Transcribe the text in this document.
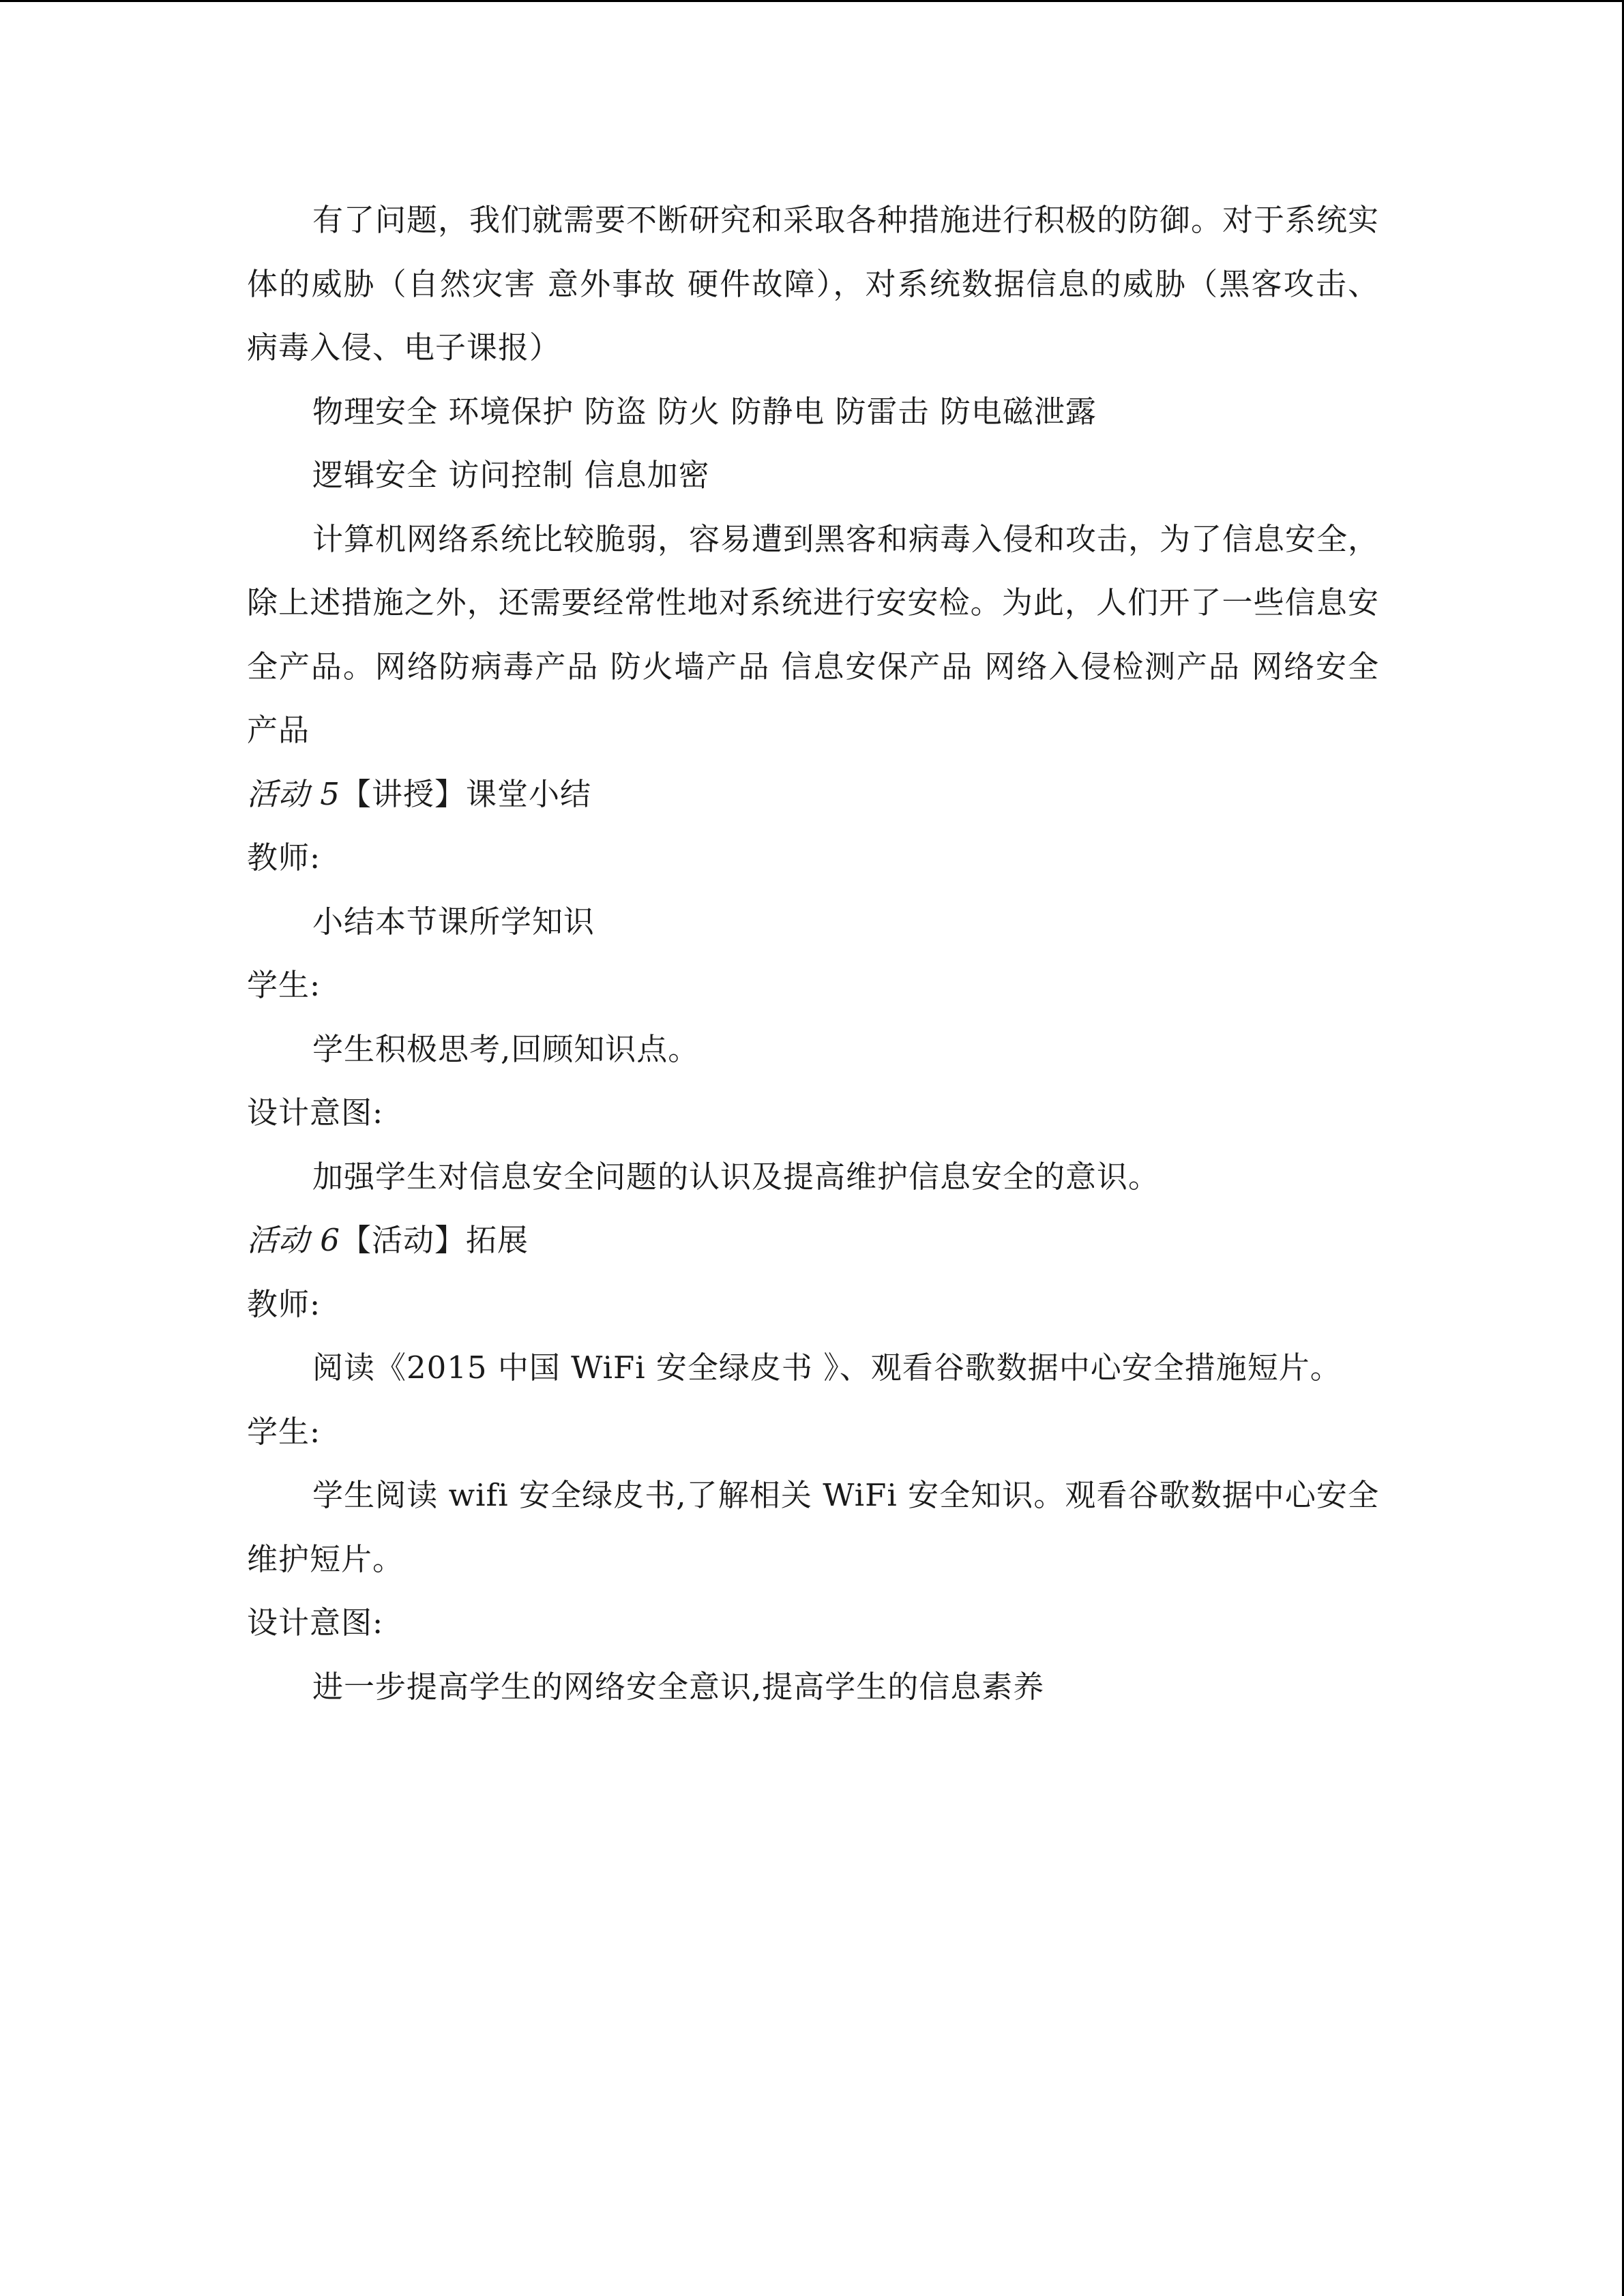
有了问题，我们就需要不断研究和采取各种措施进行积极的防御。对于系统实体的威胁（自然灾害 意外事故 硬件故障），对系统数据信息的威胁（黑客攻击、病毒入侵、电子课报）
物理安全 环境保护 防盗 防火 防静电 防雷击 防电磁泄露
逻辑安全 访问控制 信息加密
计算机网络系统比较脆弱，容易遭到黑客和病毒入侵和攻击，为了信息安全，除上述措施之外，还需要经常性地对系统进行安安检。为此，人们开了一些信息安全产品。网络防病毒产品 防火墙产品 信息安保产品 网络入侵检测产品 网络安全产品
活动 5【讲授】课堂小结
教师:
小结本节课所学知识
学生:
学生积极思考,回顾知识点。
设计意图:
加强学生对信息安全问题的认识及提高维护信息安全的意识。
活动 6【活动】拓展
教师:
阅读《2015 中国 WiFi 安全绿皮书 》、观看谷歌数据中心安全措施短片。
学生:
学生阅读 wifi 安全绿皮书,了解相关 WiFi 安全知识。观看谷歌数据中心安全维护短片。
设计意图:
进一步提高学生的网络安全意识,提高学生的信息素养
